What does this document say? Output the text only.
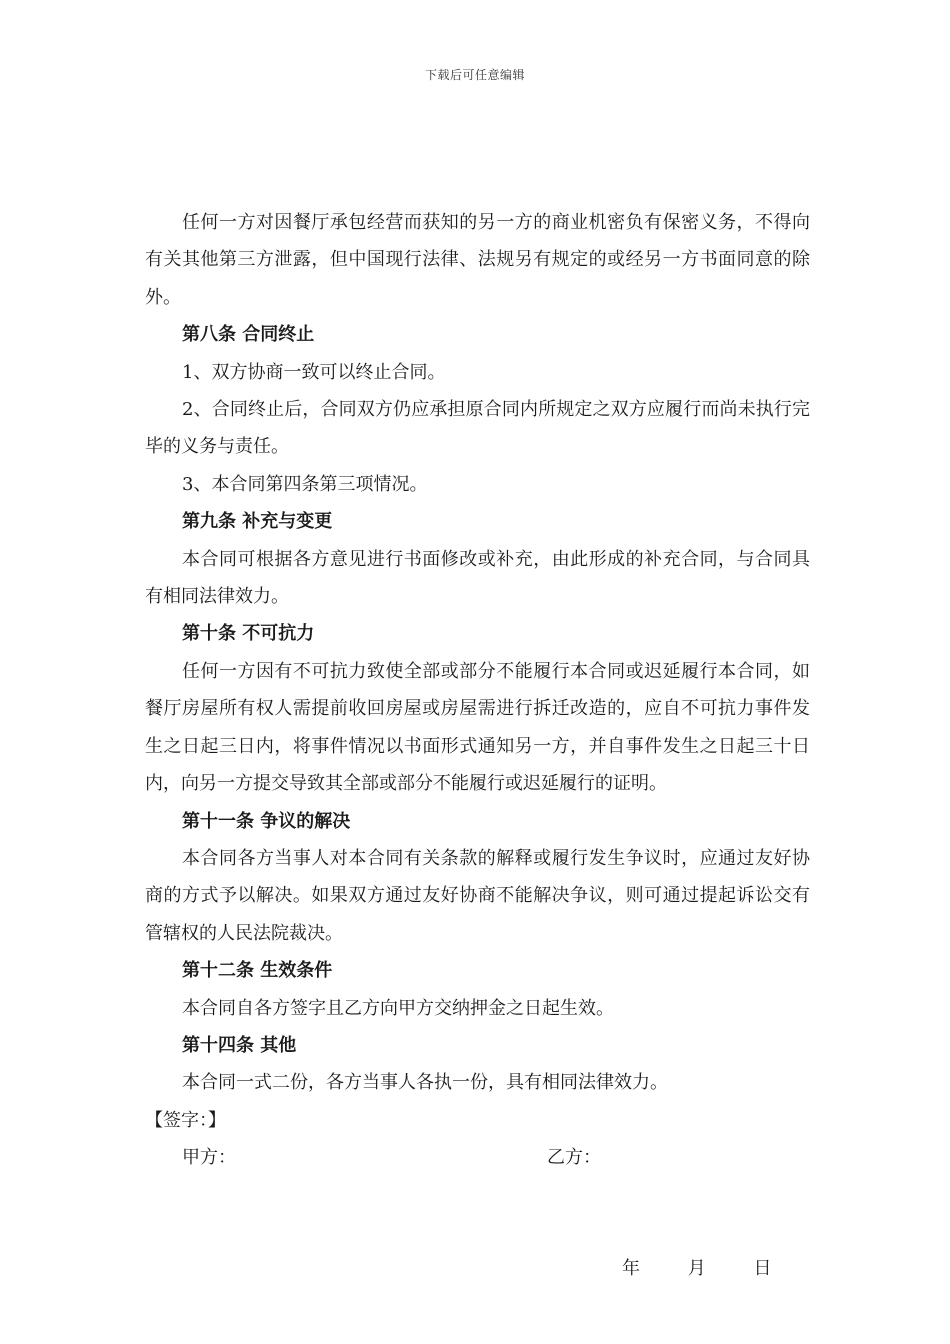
下载后可任意编辑

任何一方对因餐厅承包经营而获知的另一方的商业机密负有保密义务，不得向有关其他第三方泄露，但中国现行法律、法规另有规定的或经另一方书面同意的除外。

第八条 合同终止

1、双方协商一致可以终止合同。

2、合同终止后，合同双方仍应承担原合同内所规定之双方应履行而尚未执行完毕的义务与责任。

3、本合同第四条第三项情况。

第九条 补充与变更

本合同可根据各方意见进行书面修改或补充，由此形成的补充合同，与合同具有相同法律效力。

第十条 不可抗力

任何一方因有不可抗力致使全部或部分不能履行本合同或迟延履行本合同，如餐厅房屋所有权人需提前收回房屋或房屋需进行拆迁改造的，应自不可抗力事件发生之日起三日内，将事件情况以书面形式通知另一方，并自事件发生之日起三十日内，向另一方提交导致其全部或部分不能履行或迟延履行的证明。

第十一条 争议的解决

本合同各方当事人对本合同有关条款的解释或履行发生争议时，应通过友好协商的方式予以解决。如果双方通过友好协商不能解决争议，则可通过提起诉讼交有管辖权的人民法院裁决。

第十二条 生效条件

本合同自各方签字且乙方向甲方交纳押金之日起生效。

第十四条 其他

本合同一式二份，各方当事人各执一份，具有相同法律效力。

【签字：】

甲方：	乙方：
年	月	日
